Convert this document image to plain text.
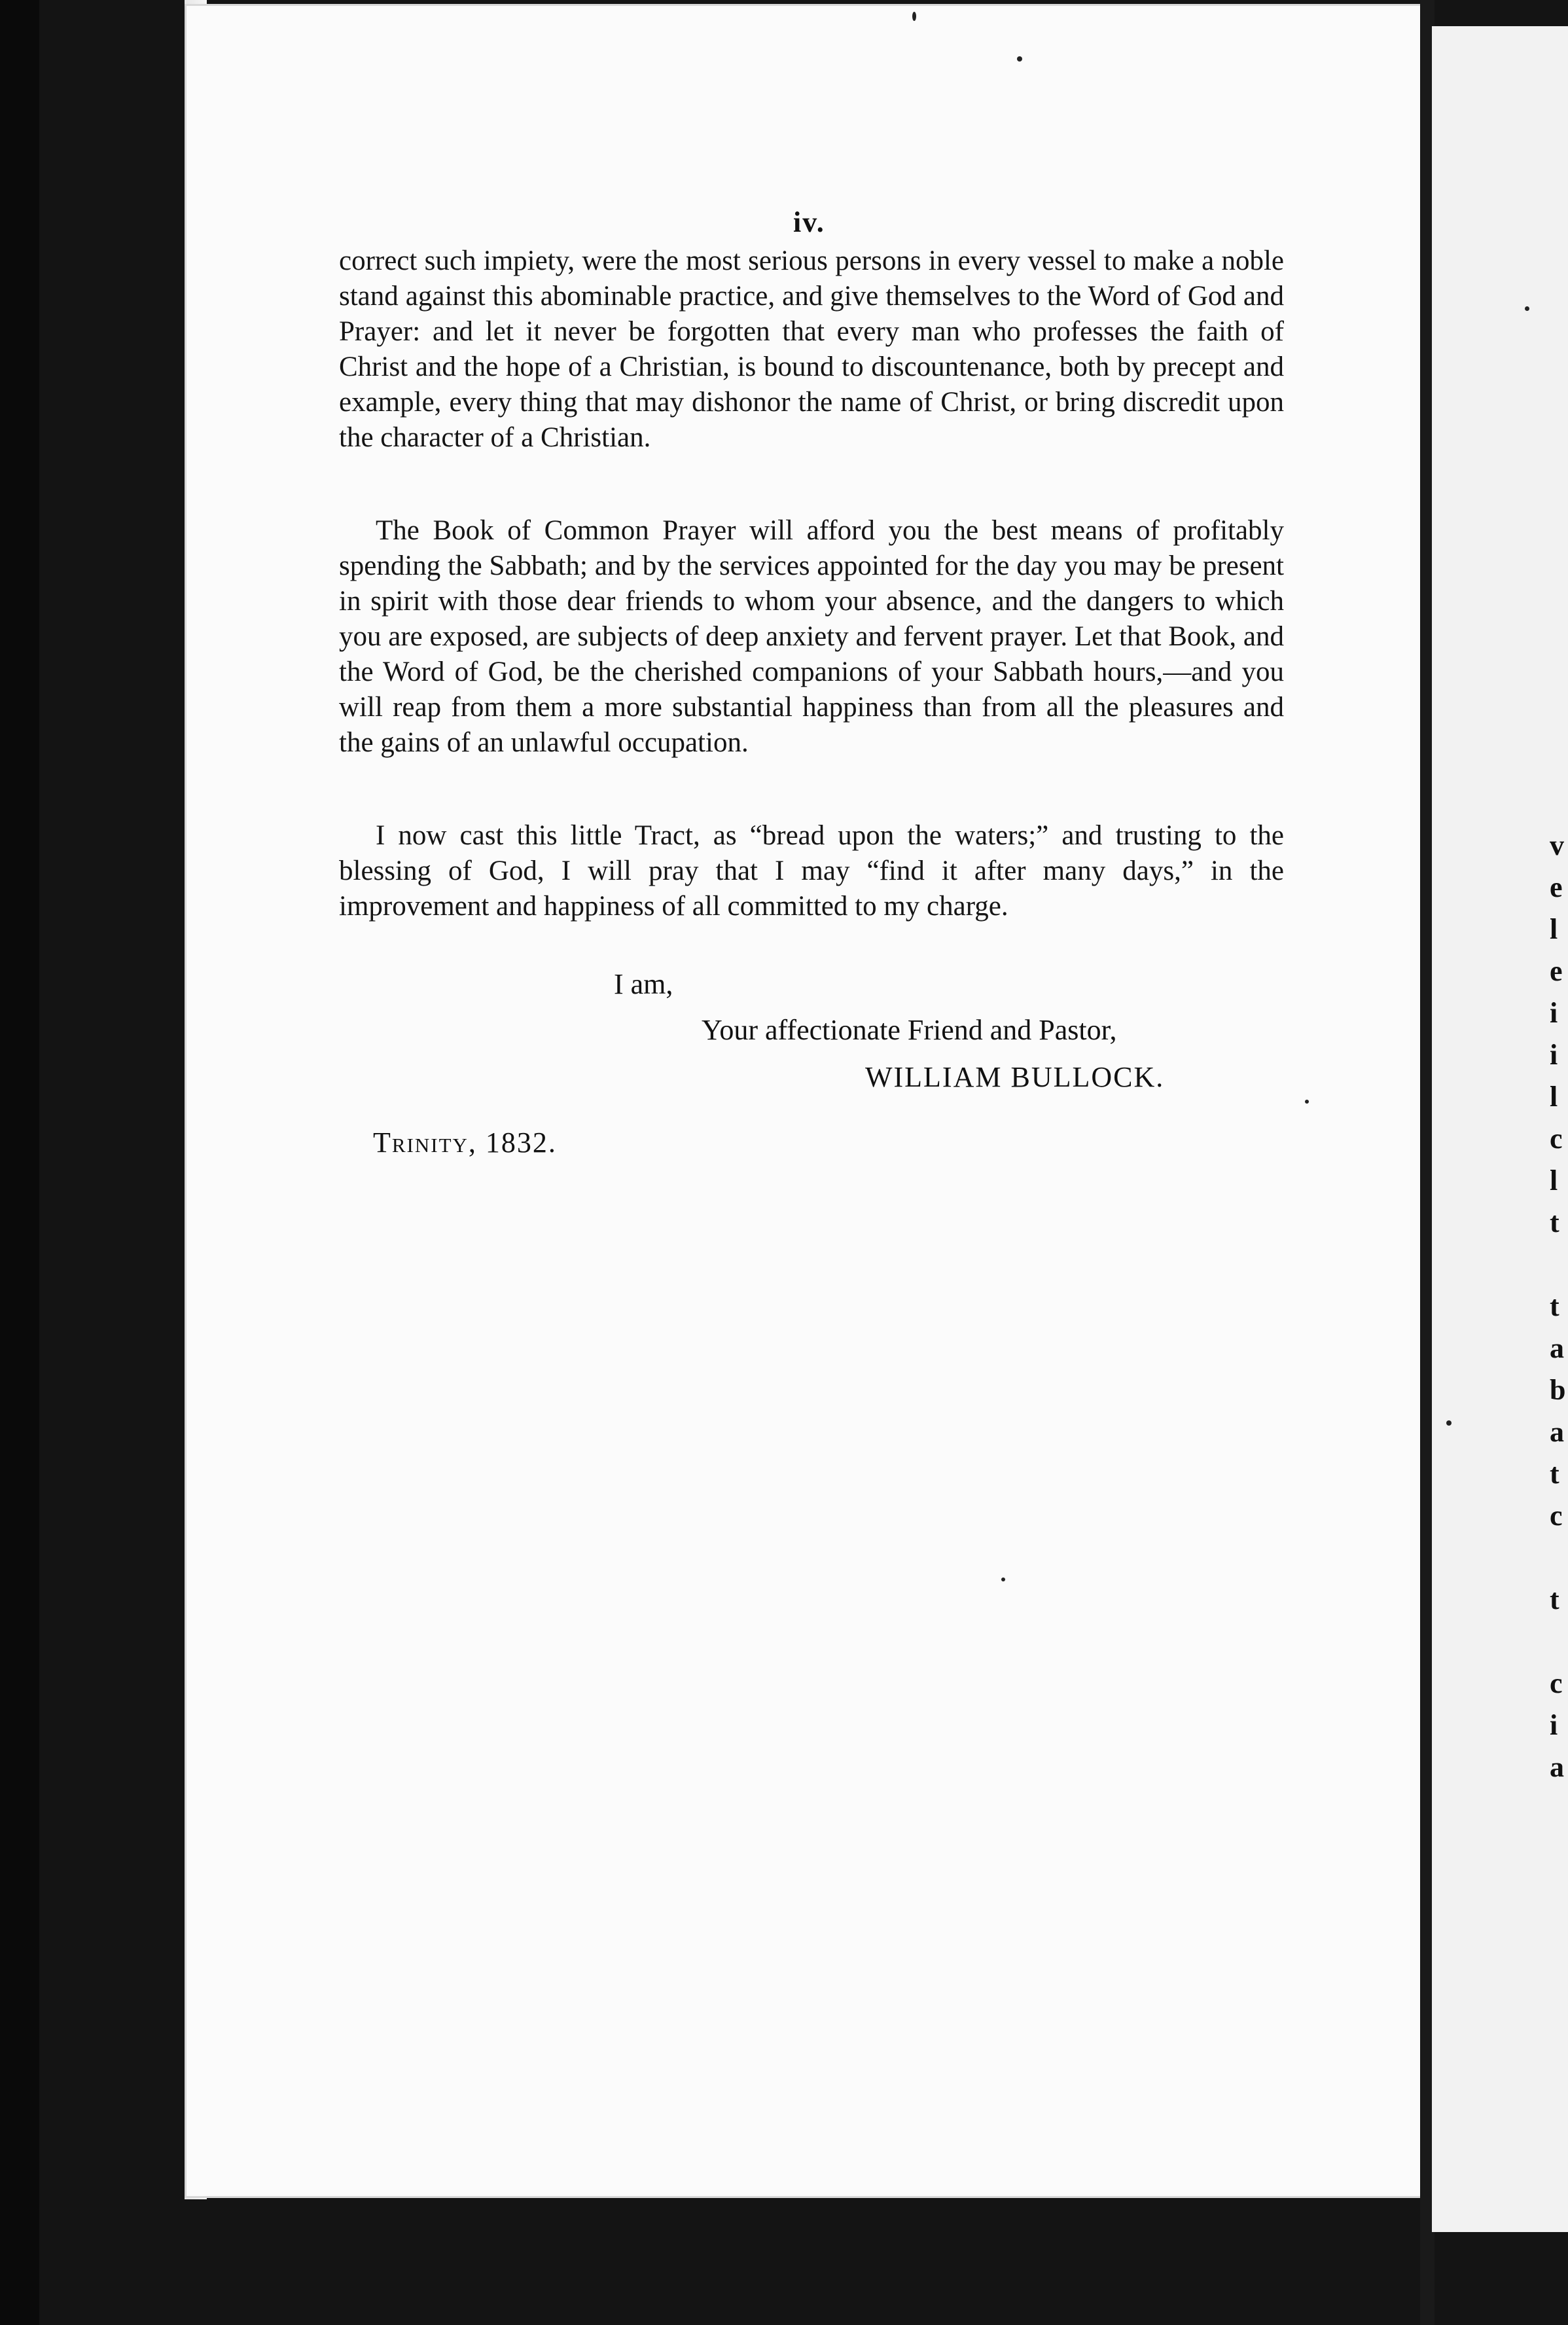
v
e
l
e
i
i
l
c
l
t

t
a
b
a
t
c

t

c
i
a
iv.

correct such impiety, were the most serious persons in every vessel to make a noble stand against this abominable practice, and give themselves to the Word of God and Prayer: and let it never be forgotten that every man who professes the faith of Christ and the hope of a Christian, is bound to discountenance, both by precept and example, every thing that may dishonor the name of Christ, or bring discredit upon the character of a Christian.

The Book of Common Prayer will afford you the best means of profitably spending the Sabbath; and by the services appointed for the day you may be present in spirit with those dear friends to whom your absence, and the dangers to which you are exposed, are subjects of deep anxiety and fervent prayer. Let that Book, and the Word of God, be the cherished companions of your Sabbath hours,—and you will reap from them a more substantial happiness than from all the pleasures and the gains of an unlawful occupation.

I now cast this little Tract, as “bread upon the waters;” and trusting to the blessing of God, I will pray that I may “find it after many days,” in the improvement and happiness of all committed to my charge.

I am,
Your affectionate Friend and Pastor,
WILLIAM BULLOCK.
Trinity, 1832.
